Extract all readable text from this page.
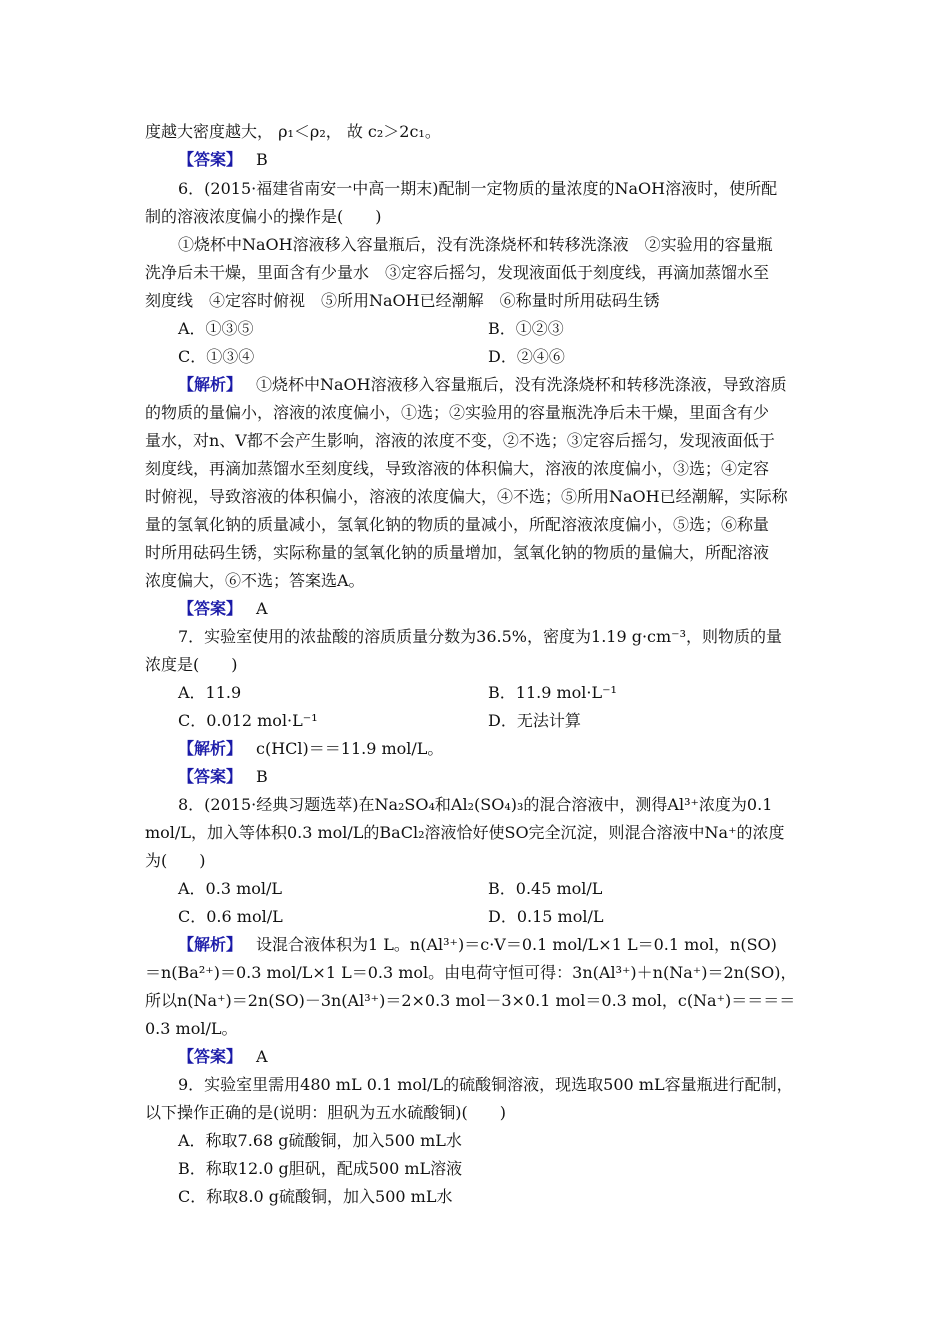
度越大密度越大， ρ₁＜ρ₂， 故 c₂＞2c₁。
【答案】 B
6．(2015·福建省南安一中高一期末)配制一定物质的量浓度的NaOH溶液时，使所配
制的溶液浓度偏小的操作是(　　)
①烧杯中NaOH溶液移入容量瓶后，没有洗涤烧杯和转移洗涤液　②实验用的容量瓶
洗净后未干燥，里面含有少量水　③定容后摇匀，发现液面低于刻度线，再滴加蒸馏水至
刻度线　④定容时俯视　⑤所用NaOH已经潮解　⑥称量时所用砝码生锈
A．①③⑤	B．①②③
C．①③④	D．②④⑥
【解析】 ①烧杯中NaOH溶液移入容量瓶后，没有洗涤烧杯和转移洗涤液，导致溶质
的物质的量偏小，溶液的浓度偏小，①选；②实验用的容量瓶洗净后未干燥，里面含有少
量水，对n、V都不会产生影响，溶液的浓度不变，②不选；③定容后摇匀，发现液面低于
刻度线，再滴加蒸馏水至刻度线，导致溶液的体积偏大，溶液的浓度偏小，③选；④定容
时俯视，导致溶液的体积偏小，溶液的浓度偏大，④不选；⑤所用NaOH已经潮解，实际称
量的氢氧化钠的质量减小，氢氧化钠的物质的量减小，所配溶液浓度偏小，⑤选；⑥称量
时所用砝码生锈，实际称量的氢氧化钠的质量增加，氢氧化钠的物质的量偏大，所配溶液
浓度偏大，⑥不选；答案选A。
【答案】 A
7．实验室使用的浓盐酸的溶质质量分数为36.5%，密度为1.19 g·cm⁻³，则物质的量
浓度是(　　)
A．11.9	B．11.9 mol·L⁻¹
C．0.012 mol·L⁻¹	D．无法计算
【解析】 c(HCl)＝＝11.9 mol/L。
【答案】 B
8．(2015·经典习题选萃)在Na₂SO₄和Al₂(SO₄)₃的混合溶液中，测得Al³⁺浓度为0.1
mol/L，加入等体积0.3 mol/L的BaCl₂溶液恰好使SO完全沉淀，则混合溶液中Na⁺的浓度
为(　　)
A．0.3 mol/L	B．0.45 mol/L
C．0.6 mol/L	D．0.15 mol/L
【解析】 设混合液体积为1 L。n(Al³⁺)＝c·V＝0.1 mol/L×1 L＝0.1 mol，n(SO)
＝n(Ba²⁺)＝0.3 mol/L×1 L＝0.3 mol。由电荷守恒可得：3n(Al³⁺)＋n(Na⁺)＝2n(SO)，
所以n(Na⁺)＝2n(SO)－3n(Al³⁺)＝2×0.3 mol－3×0.1 mol＝0.3 mol，c(Na⁺)＝＝＝＝
0.3 mol/L。
【答案】 A
9．实验室里需用480 mL 0.1 mol/L的硫酸铜溶液，现选取500 mL容量瓶进行配制，
以下操作正确的是(说明：胆矾为五水硫酸铜)(　　)
A．称取7.68 g硫酸铜，加入500 mL水
B．称取12.0 g胆矾，配成500 mL溶液
C．称取8.0 g硫酸铜，加入500 mL水
